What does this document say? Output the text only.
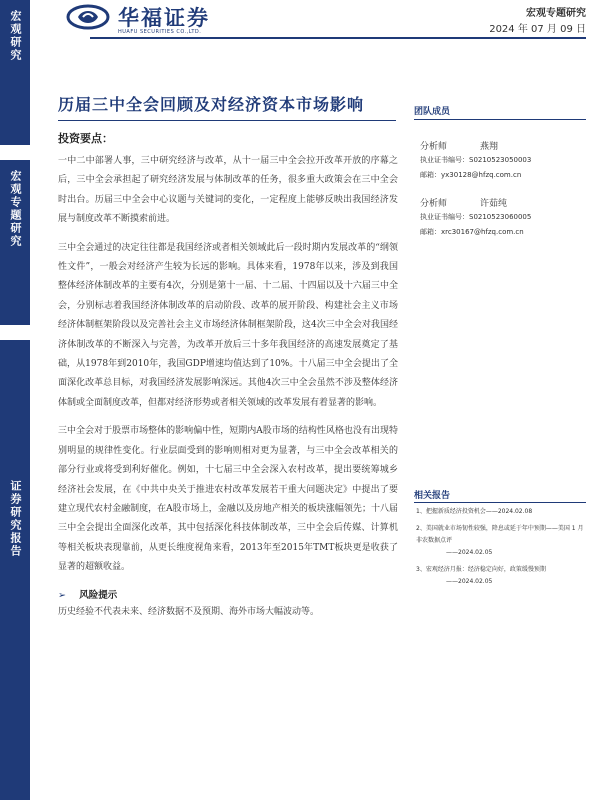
宏观研究
宏观专题研究
证券研究报告
华福证券
HUAFU SECURITIES CO.,LTD.
宏观专题研究
2024 年 07 月 09 日
历届三中全会回顾及对经济资本市场影响	团队成员
分析师	燕翔
执业证书编号：S0210523050003
邮箱：yx30128@hfzq.com.cn
分析师	许茹纯
执业证书编号：S0210523060005
邮箱：xrc30167@hfzq.com.cn
投资要点：

一中二中部署人事，三中研究经济与改革，从十一届三中全会拉开改革开放的序幕之后，三中全会承担起了研究经济发展与体制改革的任务，很多重大政策会在三中全会时出台。历届三中全会中心议题与关键词的变化，一定程度上能够反映出我国经济发展与制度改革不断摸索前进。

三中全会通过的决定往往都是我国经济或者相关领域此后一段时期内发展改革的“纲领性文件”，一般会对经济产生较为长远的影响。具体来看，1978年以来，涉及到我国整体经济体制改革的主要有4次，分别是第十一届、十二届、十四届以及十六届三中全会，分别标志着我国经济体制改革的启动阶段、改革的展开阶段、构建社会主义市场经济体制框架阶段以及完善社会主义市场经济体制框架阶段，这4次三中全会对我国经济体制改革的不断深入与完善，为改革开放后三十多年我国经济的高速发展奠定了基础，从1978年到2010年，我国GDP增速均值达到了10%。十八届三中全会提出了全面深化改革总目标，对我国经济发展影响深远。其他4次三中全会虽然不涉及整体经济体制或全面制度改革，但都对经济形势或者相关领域的改革发展有着显著的影响。

三中全会对于股票市场整体的影响偏中性，短期内A股市场的结构性风格也没有出现特别明显的规律性变化。行业层面受到的影响则相对更为显著，与三中全会改革相关的部分行业或将受到利好催化。例如，十七届三中全会深入农村改革，提出要统筹城乡经济社会发展，在《中共中央关于推进农村改革发展若干重大问题决定》中提出了要建立现代农村金融制度，在A股市场上，金融以及房地产相关的板块涨幅领先；十八届三中全会提出全面深化改革，其中包括深化科技体制改革，三中全会后传媒、计算机等相关板块表现靠前，从更长维度视角来看，2013年至2015年TMT板块更是收获了显著的超额收益。

➢ 风险提示

历史经验不代表未来、经济数据不及预期、海外市场大幅波动等。

相关报告
1、把握新质经济投资机会——2024.02.08
2、美国就业市场韧性较强，降息或延于年中预期——美国 1 月非农数据点评
——2024.02.05
3、宏观经济月报：经济稳定向好，政策缓慢预期
——2024.02.05
